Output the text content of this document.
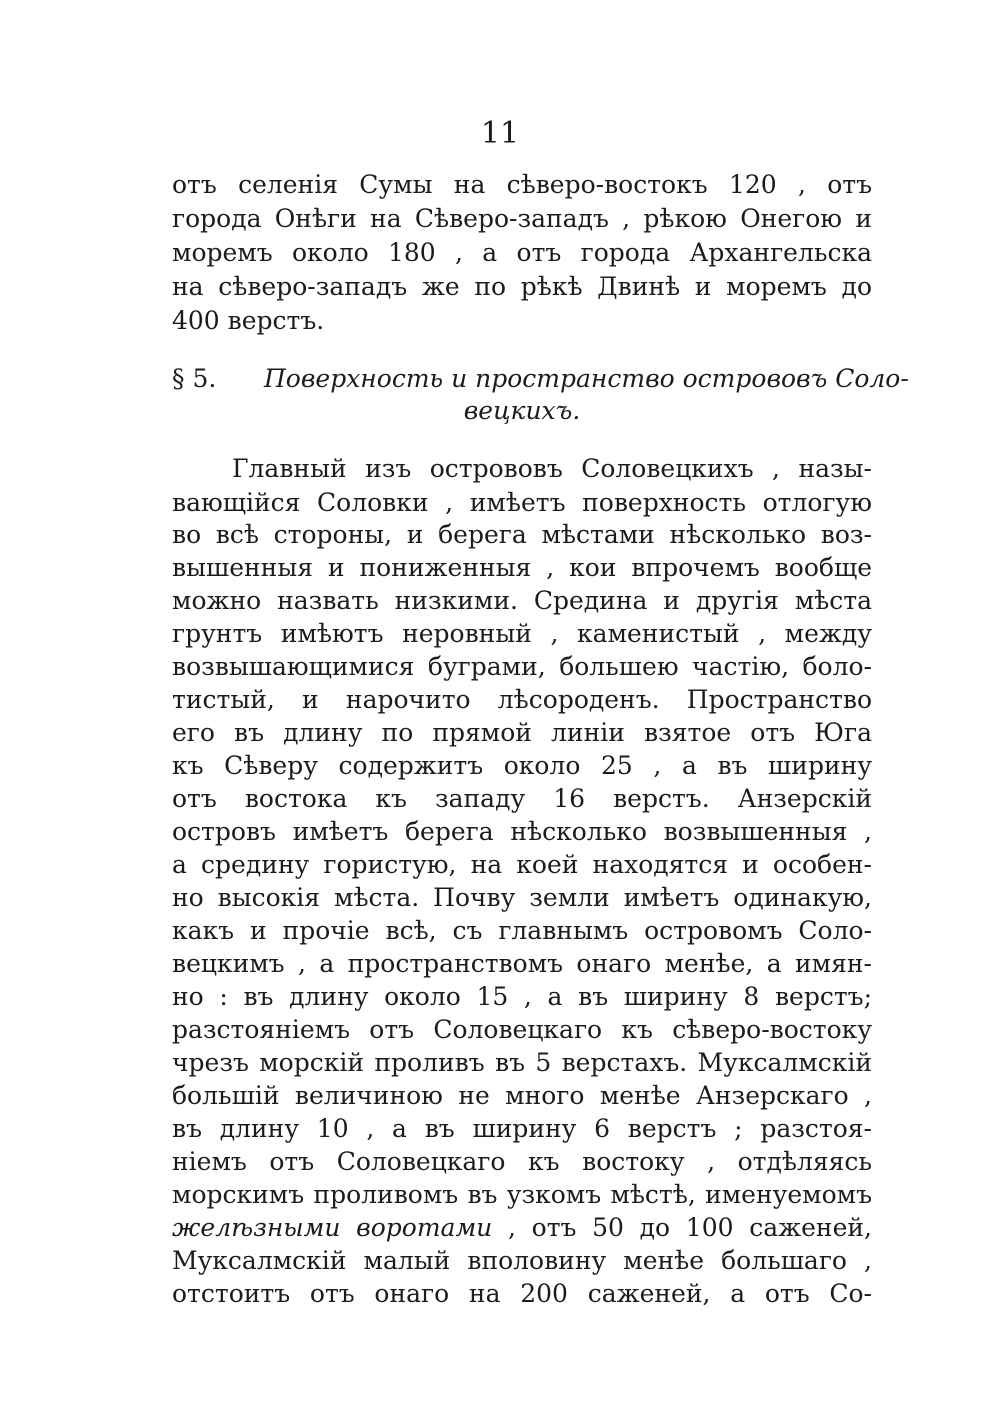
11
отъ селенія Сумы на сѣверо-востокъ 120 , отъ
города Онѣги на Сѣверо-западъ , рѣкою Онегою и
моремъ около 180 , а отъ города Архангельска
на сѣверо-западъ же по рѣкѣ Двинѣ и моремъ до
400 верстъ.
§ 5. Поверхность и пространство острововъ Соло-
вецкихъ.
Главный изъ острововъ Соловецкихъ , назы-
вающійся Соловки , имѣетъ поверхность отлогую
во всѣ стороны, и берега мѣстами нѣсколько воз-
вышенныя и пониженныя , кои впрочемъ вообще
можно назвать низкими. Средина и другія мѣста
грунтъ имѣютъ неровный , каменистый , между
возвышающимися буграми, большею частію, боло-
тистый, и нарочито лѣсороденъ. Пространство
его въ длину по прямой линіи взятое отъ Юга
къ Сѣверу содержитъ около 25 , а въ ширину
отъ востока къ западу 16 верстъ. Анзерскій
островъ имѣетъ берега нѣсколько возвышенныя ,
а средину гористую, на коей находятся и особен-
но высокія мѣста. Почву земли имѣетъ одинакую,
какъ и прочіе всѣ, съ главнымъ островомъ Соло-
вецкимъ , а пространствомъ онаго менѣе, а имян-
но : въ длину около 15 , а въ ширину 8 верстъ;
разстояніемъ отъ Соловецкаго къ сѣверо-востоку
чрезъ морскій проливъ въ 5 верстахъ. Муксалмскій
большій величиною не много менѣе Анзерскаго ,
въ длину 10 , а въ ширину 6 верстъ ; разстоя-
ніемъ отъ Соловецкаго къ востоку , отдѣляясь
морскимъ проливомъ въ узкомъ мѣстѣ, именуемомъ
желѣзными воротами , отъ 50 до 100 саженей,
Муксалмскій малый вполовину менѣе большаго ,
отстоитъ отъ онаго на 200 саженей, а отъ Со-
